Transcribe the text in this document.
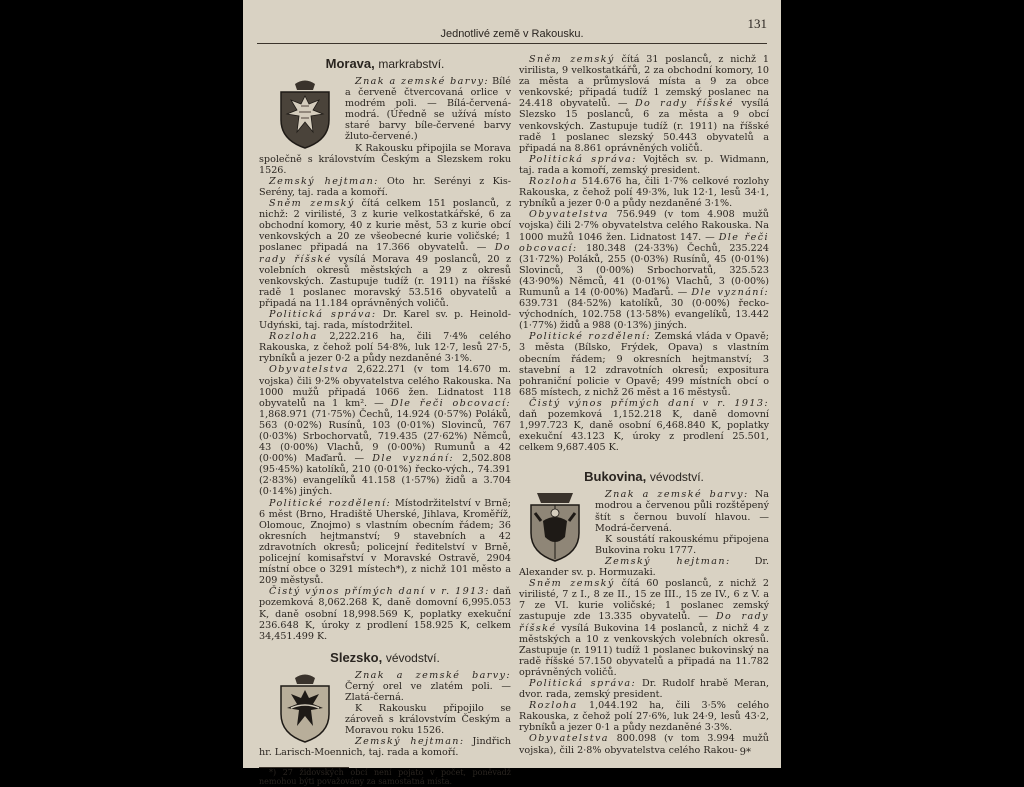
131
Jednotlivé země v Rakousku.
Morava, markrabství.

Znak a zemské barvy: Bílé a červeně čtvercovaná orlice v modrém poli. — Bílá-červená-modrá. (Úředně se užívá místo staré barvy bíle-červené barvy žluto-červené.)

K Rakousku připojila se Morava společně s královstvím Českým a Slezskem roku 1526.

Zemský hejtman: Oto hr. Serényi z Kis-Serény, taj. rada a komoří.

Sněm zemský čítá celkem 151 poslanců, z nichž: 2 virilisté, 3 z kurie velkostatkářské, 6 za obchodní komory, 40 z kurie měst, 53 z kurie obcí venkovských a 20 ze všeobecné kurie voličské; 1 poslanec připadá na 17.366 obyvatelů. — Do rady říšské vysílá Morava 49 poslanců, 20 z volebních okresů městských a 29 z okresů venkovských. Zastupuje tudíž (r. 1911) na říšské radě 1 poslanec moravský 53.516 obyvatelů a připadá na 11.184 oprávněných voličů.

Politická správa: Dr. Karel sv. p. Heinold-Udyński, taj. rada, místodržitel.

Rozloha 2,222.216 ha, čili 7·4% celého Rakouska, z čehož polí 54·8%, luk 12·7, lesů 27·5, rybníků a jezer 0·2 a půdy nezdaněné 3·1%.

Obyvatelstva 2,622.271 (v tom 14.670 m. vojska) čili 9·2% obyvatelstva celého Rakouska. Na 1000 mužů připadá 1066 žen. Lidnatost 118 obyvatelů na 1 km². — Dle řeči obcovací: 1,868.971 (71·75%) Čechů, 14.924 (0·57%) Poláků, 563 (0·02%) Rusínů, 103 (0·01%) Slovinců, 767 (0·03%) Srbochorvatů, 719.435 (27·62%) Němců, 43 (0·00%) Vlachů, 9 (0·00%) Rumunů a 42 (0·00%) Maďarů. — Dle vyznání: 2,502.808 (95·45%) katolíků, 210 (0·01%) řecko-vých., 74.391 (2·83%) evangelíků 41.158 (1·57%) židů a 3.704 (0·14%) jiných.

Politické rozdělení: Místodržitelství v Brně; 6 měst (Brno, Hradiště Uherské, Jihlava, Kroměříž, Olomouc, Znojmo) s vlastním obecním řádem; 36 okresních hejtmanství; 9 stavebních a 42 zdravotních okresů; policejní ředitelství v Brně, policejní komisařství v Moravské Ostravě, 2904 místní obce o 3291 místech*), z nichž 101 město a 209 městysů.

Čistý výnos přímých daní v r. 1913: daň pozemková 8,062.268 K, daně domovní 6,995.053 K, daně osobní 18,998.569 K, poplatky exekuční 236.648 K, úroky z prodlení 158.925 K, celkem 34,451.499 K.

Slezsko, vévodství.

Znak a zemské barvy: Černý orel ve zlatém poli. — Zlatá-černá.

K Rakousku připojilo se zároveň s královstvím Českým a Moravou roku 1526.

Zemský hejtman: Jindřich hr. Larisch-Moennich, taj. rada a komoří.

*) 27 židovských obcí není pojato v počet, poněvadž nemohou býti považovány za samostatná místa.

Sněm zemský čítá 31 poslanců, z nichž 1 virilista, 9 velkostatkářů, 2 za obchodní komory, 10 za města a průmyslová místa a 9 za obce venkovské; připadá tudíž 1 zemský poslanec na 24.418 obyvatelů. — Do rady říšské vysílá Slezsko 15 poslanců, 6 za města a 9 obcí venkovských. Zastupuje tudíž (r. 1911) na říšské radě 1 poslanec slezský 50.443 obyvatelů a připadá na 8.861 oprávněných voličů.

Politická správa: Vojtěch sv. p. Widmann, taj. rada a komoří, zemský president.

Rozloha 514.676 ha, čili 1·7% celkové rozlohy Rakouska, z čehož polí 49·3%, luk 12·1, lesů 34·1, rybníků a jezer 0·0 a půdy nezdaněné 3·1%.

Obyvatelstva 756.949 (v tom 4.908 mužů vojska) čili 2·7% obyvatelstva celého Rakouska. Na 1000 mužů 1046 žen. Lidnatost 147. — Dle řeči obcovací: 180.348 (24·33%) Čechů, 235.224 (31·72%) Poláků, 255 (0·03%) Rusínů, 45 (0·01%) Slovinců, 3 (0·00%) Srbochorvatů, 325.523 (43·90%) Němců, 41 (0·01%) Vlachů, 3 (0·00%) Rumunů a 14 (0·00%) Maďarů. — Dle vyznání: 639.731 (84·52%) katolíků, 30 (0·00%) řecko-východních, 102.758 (13·58%) evangelíků, 13.442 (1·77%) židů a 988 (0·13%) jiných.

Politické rozdělení: Zemská vláda v Opavě; 3 města (Bílsko, Frýdek, Opava) s vlastním obecním řádem; 9 okresních hejtmanství; 3 stavební a 12 zdravotních okresů; expositura pohraniční policie v Opavě; 499 místních obcí o 685 místech, z nichž 26 měst a 16 městysů.

Čistý výnos přímých daní v r. 1913: daň pozemková 1,152.218 K, daně domovní 1,997.723 K, daně osobní 6,468.840 K, poplatky exekuční 43.123 K, úroky z prodlení 25.501, celkem 9,687.405 K.

Bukovina, vévodství.

Znak a zemské barvy: Na modrou a červenou půli rozštěpený štít s černou buvolí hlavou. — Modrá-červená.

K soustátí rakouskému připojena Bukovina roku 1777.

Zemský hejtman:	Dr. Alexander sv. p. Hormuzaki.

Sněm zemský čítá 60 poslanců, z nichž 2 virilisté, 7 z I., 8 ze II., 15 ze III., 15 ze IV., 6 z V. a 7 ze VI. kurie voličské; 1 poslanec zemský zastupuje zde 13.335 obyvatelů. — Do rady říšské vysílá Bukovina 14 poslanců, z nichž 4 z městských a 10 z venkovských volebních okresů. Zastupuje (r. 1911) tudíž 1 poslanec bukovinský na radě říšské 57.150 obyvatelů a připadá na 11.782 oprávněných voličů.

Politická správa: Dr. Rudolf hrabě Meran, dvor. rada, zemský president.

Rozloha 1,044.192 ha, čili 3·5% celého Rakouska, z čehož polí 27·6%, luk 24·9, lesů 43·2, rybníků a jezer 0·1 a půdy nezdaněné 3·3%.

Obyvatelstva 800.098 (v tom 3.994 mužů vojska), čili 2·8% obyvatelstva celého Rakou- 9*
